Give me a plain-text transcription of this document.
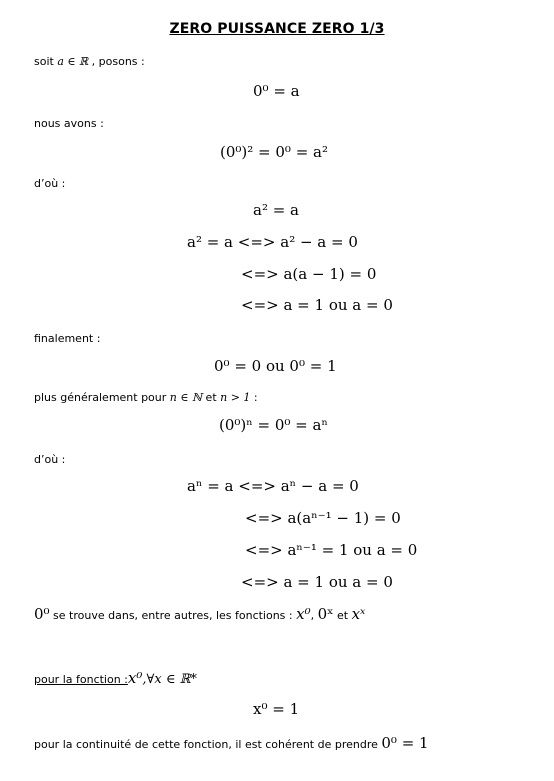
ZERO PUISSANCE ZERO 1/3
soit a ∈ ℝ , posons :
0⁰ = a
nous avons :
(0⁰)² = 0⁰ = a²
d’où :
a² = a
a² = a <=> a² − a = 0
<=> a(a − 1) = 0
<=> a = 1 ou a = 0
finalement :
0⁰ = 0 ou 0⁰ = 1
plus généralement pour n ∈ ℕ et n > 1 :
(0⁰)ⁿ = 0⁰ = aⁿ
d’où :
aⁿ = a <=> aⁿ − a = 0
<=> a(aⁿ⁻¹ − 1) = 0
<=> aⁿ⁻¹ = 1 ou a = 0
<=> a = 1 ou a = 0
0⁰ se trouve dans, entre autres, les fonctions : x⁰, 0ˣ et xˣ
pour la fonction :x⁰,∀x ∈ ℝ*
x⁰ = 1
pour la continuité de cette fonction, il est cohérent de prendre 0⁰ = 1
